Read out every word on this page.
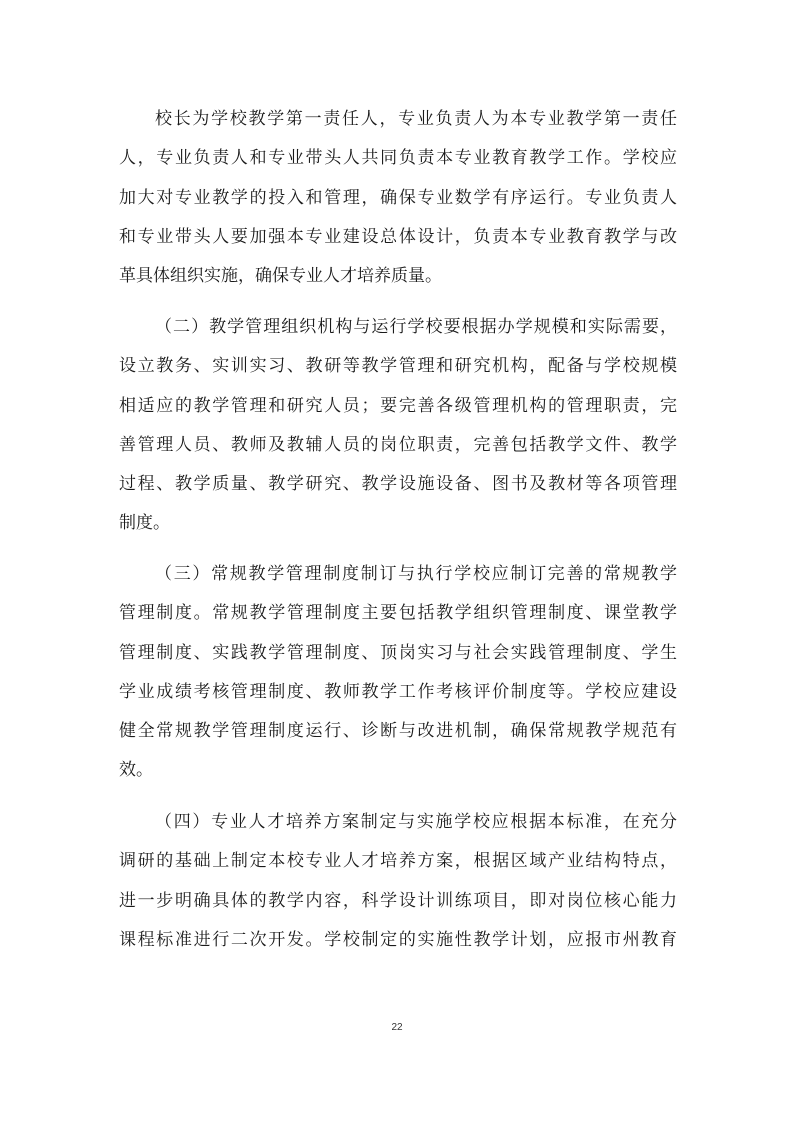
校长为学校教学第一责任人，专业负责人为本专业教学第一责任
人，专业负责人和专业带头人共同负责本专业教育教学工作。学校应
加大对专业教学的投入和管理，确保专业数学有序运行。专业负责人
和专业带头人要加强本专业建设总体设计，负责本专业教育教学与改
革具体组织实施，确保专业人才培养质量。
（二）教学管理组织机构与运行学校要根据办学规模和实际需要，
设立教务、实训实习、教研等教学管理和研究机构，配备与学校规模
相适应的教学管理和研究人员；要完善各级管理机构的管理职责，完
善管理人员、教师及教辅人员的岗位职责，完善包括教学文件、教学
过程、教学质量、教学研究、教学设施设备、图书及教材等各项管理
制度。
（三）常规教学管理制度制订与执行学校应制订完善的常规教学
管理制度。常规教学管理制度主要包括教学组织管理制度、课堂教学
管理制度、实践教学管理制度、顶岗实习与社会实践管理制度、学生
学业成绩考核管理制度、教师教学工作考核评价制度等。学校应建设
健全常规教学管理制度运行、诊断与改进机制，确保常规教学规范有
效。
（四）专业人才培养方案制定与实施学校应根据本标准，在充分
调研的基础上制定本校专业人才培养方案，根据区域产业结构特点，
进一步明确具体的教学内容，科学设计训练项目，即对岗位核心能力
课程标准进行二次开发。学校制定的实施性教学计划，应报市州教育
22
